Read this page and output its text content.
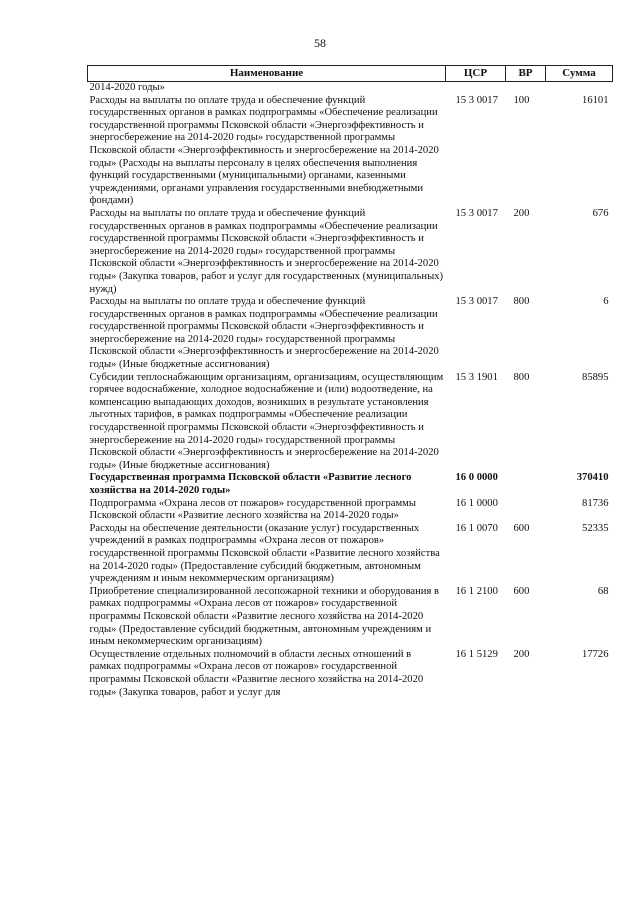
58
Наименование	ЦСР	ВР	Сумма
2014-2020 годы»			
Расходы на выплаты по оплате труда и обеспечение функций государственных органов в рамках подпрограммы «Обеспечение реализации государственной программы Псковской области «Энергоэффективность и энергосбережение на 2014-2020 годы» государственной программы Псковской области «Энергоэффективность и энергосбережение на 2014-2020 годы» (Расходы на выплаты персоналу в целях обеспечения выполнения функций государственными (муниципальными) органами, казенными учреждениями, органами управления государственными внебюджетными фондами)	15 3 0017	100	16101
Расходы на выплаты по оплате труда и обеспечение функций государственных органов в рамках подпрограммы «Обеспечение реализации государственной программы Псковской области «Энергоэффективность и энергосбережение на 2014-2020 годы» государственной программы Псковской области «Энергоэффективность и энергосбережение на 2014-2020 годы» (Закупка товаров, работ и услуг для государственных (муниципальных) нужд)	15 3 0017	200	676
Расходы на выплаты по оплате труда и обеспечение функций государственных органов в рамках подпрограммы «Обеспечение реализации государственной программы Псковской области «Энергоэффективность и энергосбережение на 2014-2020 годы» государственной программы Псковской области «Энергоэффективность и энергосбережение на 2014-2020 годы» (Иные бюджетные ассигнования)	15 3 0017	800	6
Субсидии теплоснабжающим организациям, организациям, осуществляющим горячее водоснабжение, холодное водоснабжение и (или) водоотведение, на компенсацию выпадающих доходов, возникших в результате установления льготных тарифов, в рамках подпрограммы «Обеспечение реализации государственной программы Псковской области «Энергоэффективность и энергосбережение на 2014-2020 годы» государственной программы Псковской области «Энергоэффективность и энергосбережение на 2014-2020 годы» (Иные бюджетные ассигнования)	15 3 1901	800	85895
Государственная программа Псковской области «Развитие лесного хозяйства на 2014-2020 годы»	16 0 0000		370410
Подпрограмма «Охрана лесов от пожаров» государственной программы Псковской области «Развитие лесного хозяйства на 2014-2020 годы»	16 1 0000		81736
Расходы на обеспечение деятельности (оказание услуг) государственных учреждений в рамках подпрограммы «Охрана лесов от пожаров» государственной программы Псковской области «Развитие лесного хозяйства на 2014-2020 годы» (Предоставление субсидий бюджетным, автономным учреждениям и иным некоммерческим организациям)	16 1 0070	600	52335
Приобретение специализированной лесопожарной техники и оборудования в рамках подпрограммы «Охрана лесов от пожаров» государственной программы Псковской области «Развитие лесного хозяйства на 2014-2020 годы» (Предоставление субсидий бюджетным, автономным учреждениям и иным некоммерческим организациям)	16 1 2100	600	68
Осуществление отдельных полномочий в области лесных отношений в рамках подпрограммы «Охрана лесов от пожаров» государственной программы Псковской области «Развитие лесного хозяйства на 2014-2020 годы» (Закупка товаров, работ и услуг для	16 1 5129	200	17726
